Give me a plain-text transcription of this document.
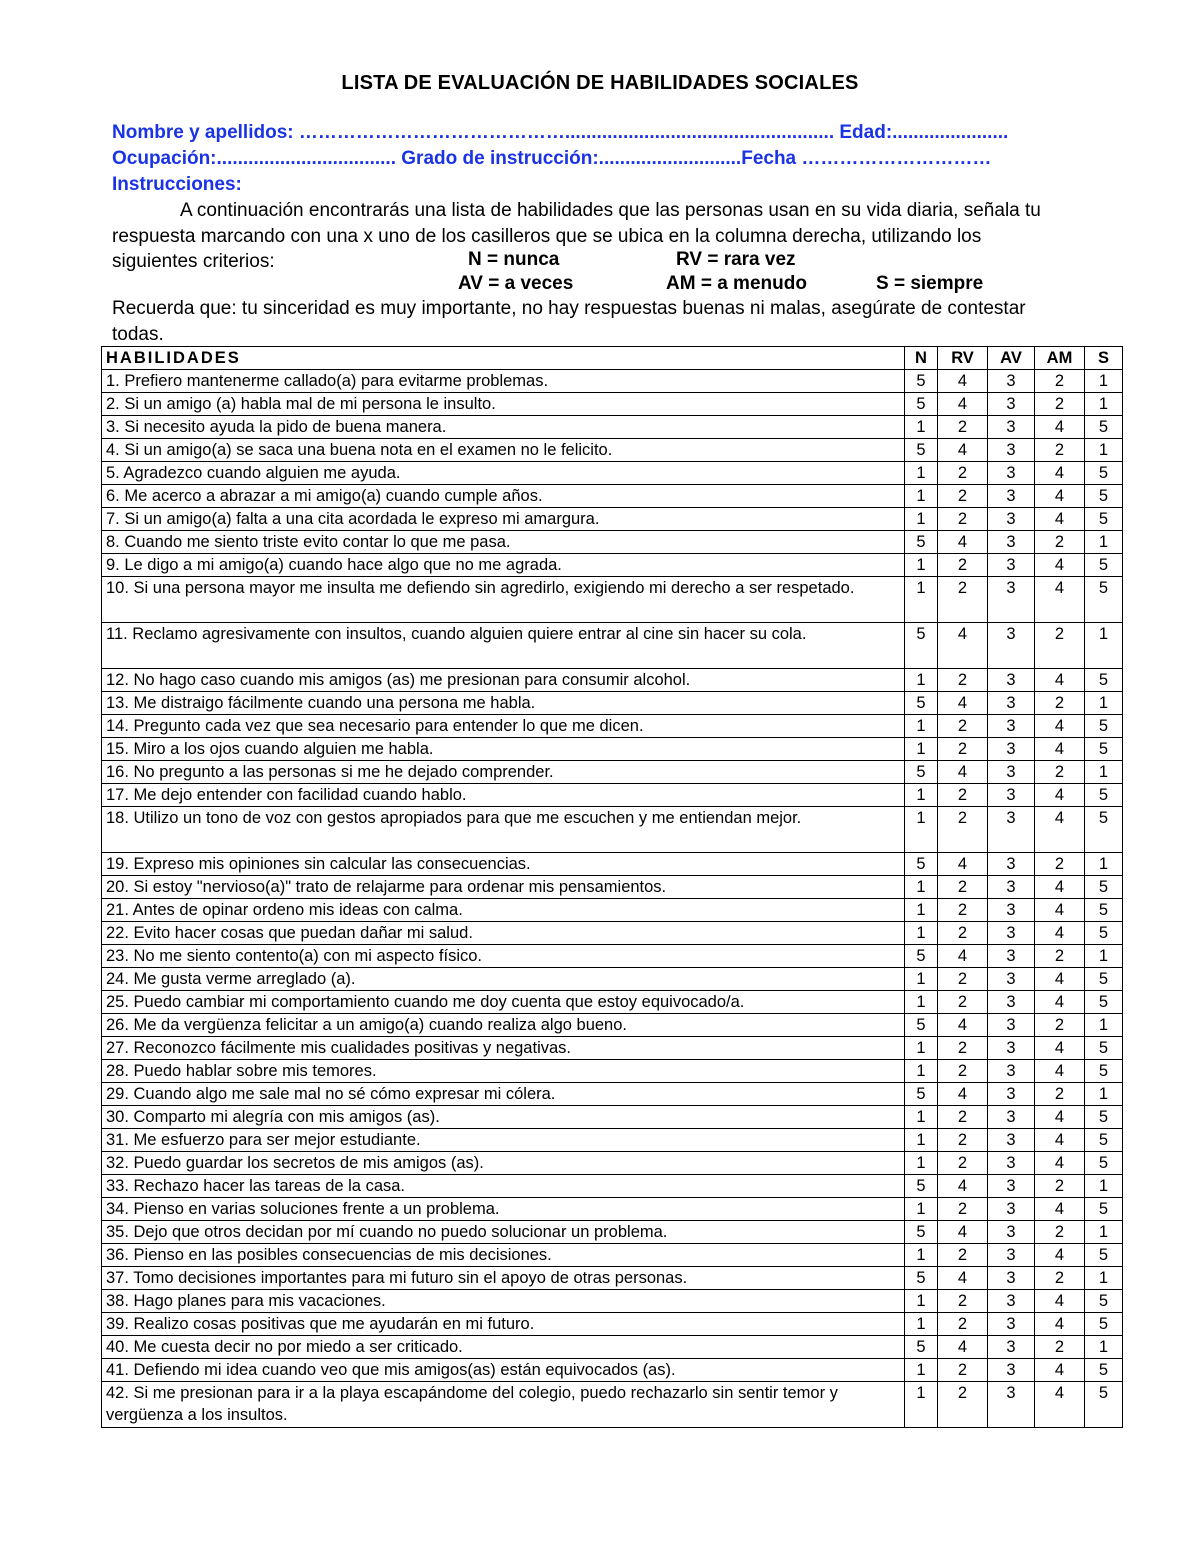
LISTA DE EVALUACIÓN DE HABILIDADES SOCIALES
Nombre y apellidos: ……………………………………................................................... Edad:......................
Ocupación:.................................. Grado de instrucción:...........................Fecha …………………………
Instrucciones:
A continuación encontrarás una lista de habilidades que las personas usan en su vida diaria, señala tu respuesta marcando con una x uno de los casilleros que se ubica en la columna derecha, utilizando los siguientes criterios:	N = nunca	RV = rara vez
AV = a veces	AM = a menudo	S = siempre
Recuerda que: tu sinceridad es muy importante, no hay respuestas buenas ni malas, asegúrate de contestar todas.
HABILIDADES	N	RV	AV	AM	S
1. Prefiero mantenerme callado(a) para evitarme problemas.	5	4	3	2	1
2. Si un amigo (a) habla mal de mi persona le insulto.	5	4	3	2	1
3. Si necesito ayuda la pido de buena manera.	1	2	3	4	5
4. Si un amigo(a) se saca una buena nota en el examen no le felicito.	5	4	3	2	1
5. Agradezco cuando alguien me ayuda.	1	2	3	4	5
6. Me acerco a abrazar a mi amigo(a) cuando cumple años.	1	2	3	4	5
7. Si un amigo(a) falta a una cita acordada le expreso mi amargura.	1	2	3	4	5
8. Cuando me siento triste evito contar lo que me pasa.	5	4	3	2	1
9. Le digo a mi amigo(a) cuando hace algo que no me agrada.	1	2	3	4	5
10. Si una persona mayor me insulta me defiendo sin agredirlo, exigiendo mi derecho a ser respetado.	1	2	3	4	5
11. Reclamo agresivamente con insultos, cuando alguien quiere entrar al cine sin hacer su cola.	5	4	3	2	1
12. No hago caso cuando mis amigos (as) me presionan para consumir alcohol.	1	2	3	4	5
13. Me distraigo fácilmente cuando una persona me habla.	5	4	3	2	1
14. Pregunto cada vez que sea necesario para entender lo que me dicen.	1	2	3	4	5
15. Miro a los ojos cuando alguien me habla.	1	2	3	4	5
16. No pregunto a las personas si me he dejado comprender.	5	4	3	2	1
17. Me dejo entender con facilidad cuando hablo.	1	2	3	4	5
18. Utilizo un tono de voz con gestos apropiados para que me escuchen y me entiendan mejor.	1	2	3	4	5
19. Expreso mis opiniones sin calcular las consecuencias.	5	4	3	2	1
20. Si estoy "nervioso(a)" trato de relajarme para ordenar mis pensamientos.	1	2	3	4	5
21. Antes de opinar ordeno mis ideas con calma.	1	2	3	4	5
22. Evito hacer cosas que puedan dañar mi salud.	1	2	3	4	5
23. No me siento contento(a) con mi aspecto físico.	5	4	3	2	1
24. Me gusta verme arreglado (a).	1	2	3	4	5
25. Puedo cambiar mi comportamiento cuando me doy cuenta que estoy equivocado/a.	1	2	3	4	5
26. Me da vergüenza felicitar a un amigo(a) cuando realiza algo bueno.	5	4	3	2	1
27. Reconozco fácilmente mis cualidades positivas y negativas.	1	2	3	4	5
28. Puedo hablar sobre mis temores.	1	2	3	4	5
29. Cuando algo me sale mal no sé cómo expresar mi cólera.	5	4	3	2	1
30. Comparto mi alegría con mis amigos (as).	1	2	3	4	5
31. Me esfuerzo para ser mejor estudiante.	1	2	3	4	5
32. Puedo guardar los secretos de mis amigos (as).	1	2	3	4	5
33. Rechazo hacer las tareas de la casa.	5	4	3	2	1
34. Pienso en varias soluciones frente a un problema.	1	2	3	4	5
35. Dejo que otros decidan por mí cuando no puedo solucionar un problema.	5	4	3	2	1
36. Pienso en las posibles consecuencias de mis decisiones.	1	2	3	4	5
37. Tomo decisiones importantes para mi futuro sin el apoyo de otras personas.	5	4	3	2	1
38. Hago planes para mis vacaciones.	1	2	3	4	5
39. Realizo cosas positivas que me ayudarán en mi futuro.	1	2	3	4	5
40. Me cuesta decir no por miedo a ser criticado.	5	4	3	2	1
41. Defiendo mi idea cuando veo que mis amigos(as) están equivocados (as).	1	2	3	4	5
42. Si me presionan para ir a la playa escapándome del colegio, puedo rechazarlo sin sentir temor y vergüenza a los insultos.	1	2	3	4	5
